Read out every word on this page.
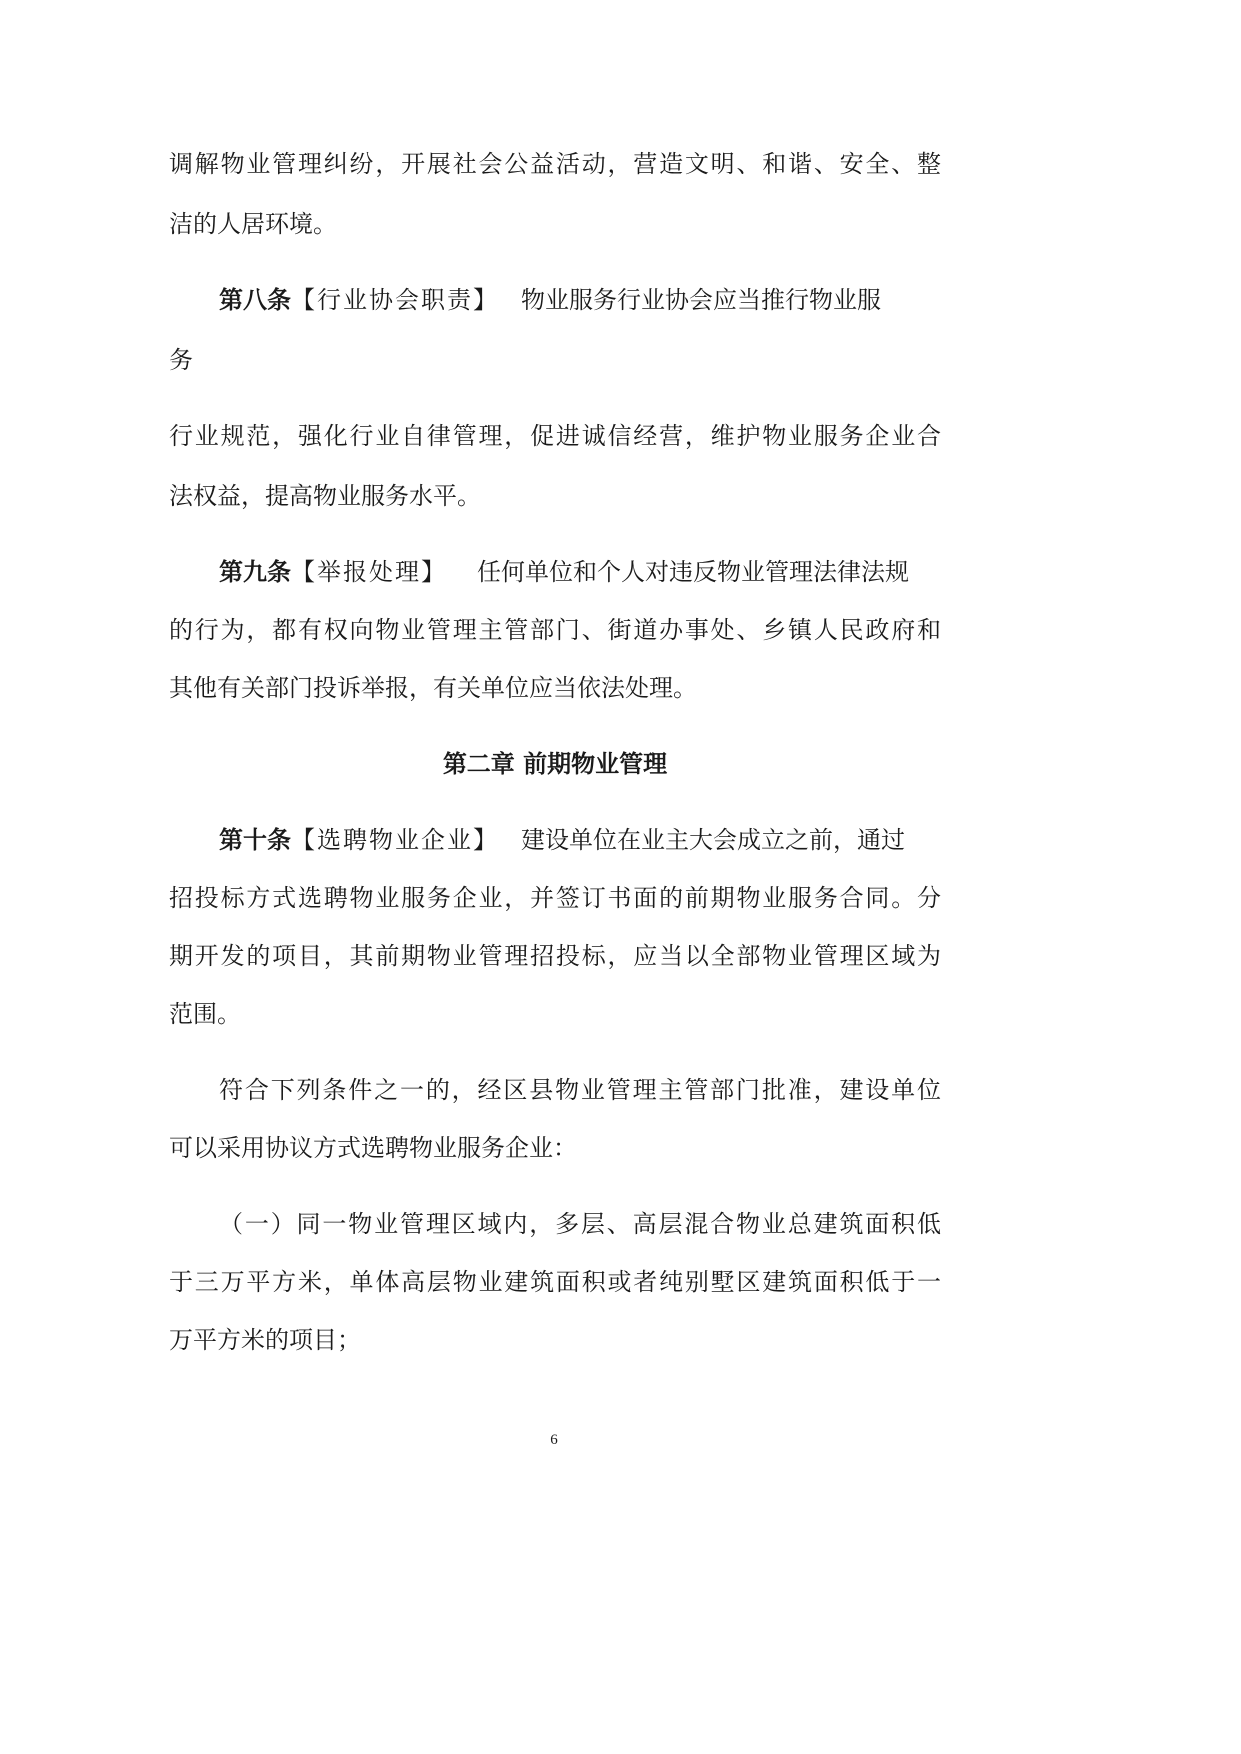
调解物业管理纠纷，开展社会公益活动，营造文明、和谐、安全、整
洁的人居环境。
第八条【行业协会职责】 物业服务行业协会应当推行物业服
务
行业规范，强化行业自律管理，促进诚信经营，维护物业服务企业合
法权益，提高物业服务水平。
第九条【举报处理】 任何单位和个人对违反物业管理法律法规
的行为，都有权向物业管理主管部门、街道办事处、乡镇人民政府和
其他有关部门投诉举报，有关单位应当依法处理。
第二章 前期物业管理
第十条【选聘物业企业】 建设单位在业主大会成立之前，通过
招投标方式选聘物业服务企业，并签订书面的前期物业服务合同。分
期开发的项目，其前期物业管理招投标，应当以全部物业管理区域为
范围。
符合下列条件之一的，经区县物业管理主管部门批准，建设单位
可以采用协议方式选聘物业服务企业：
（一）同一物业管理区域内，多层、高层混合物业总建筑面积低
于三万平方米，单体高层物业建筑面积或者纯别墅区建筑面积低于一
万平方米的项目；
6
